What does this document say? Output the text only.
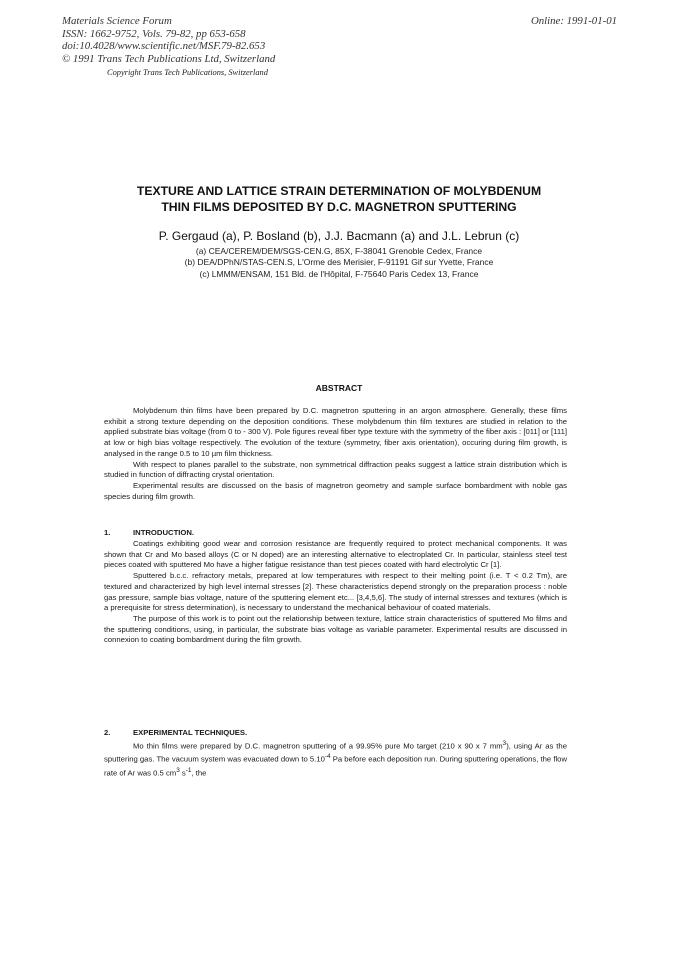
Materials Science Forum
ISSN: 1662-9752, Vols. 79-82, pp 653-658
doi:10.4028/www.scientific.net/MSF.79-82.653
© 1991 Trans Tech Publications Ltd, Switzerland
Online: 1991-01-01
Copyright Trans Tech Publications, Switzerland
TEXTURE AND LATTICE STRAIN DETERMINATION OF MOLYBDENUM
THIN FILMS DEPOSITED BY D.C. MAGNETRON SPUTTERING
P. Gergaud (a), P. Bosland (b), J.J. Bacmann (a) and J.L. Lebrun (c)
(a) CEA/CEREM/DEM/SGS-CEN.G, 85X, F-38041 Grenoble Cedex, France
(b) DEA/DPhN/STAS-CEN.S, L'Orme des Merisier, F-91191 Gif sur Yvette, France
(c) LMMM/ENSAM, 151 Bld. de l'Hôpital, F-75640 Paris Cedex 13, France
ABSTRACT

Molybdenum thin films have been prepared by D.C. magnetron sputtering in an argon atmosphere. Generally, these films exhibit a strong texture depending on the deposition conditions. These molybdenum thin film textures are studied in relation to the applied substrate bias voltage (from 0 to - 300 V). Pole figures reveal fiber type texture with the symmetry of the fiber axis : [011] or [111] at low or high bias voltage respectively. The evolution of the texture (symmetry, fiber axis orientation), occuring during film growth, is analysed in the range 0.5 to 10 µm film thickness.

With respect to planes parallel to the substrate, non symmetrical diffraction peaks suggest a lattice strain distribution which is studied in function of diffracting crystal orientation.

Experimental results are discussed on the basis of magnetron geometry and sample surface bombardment with noble gas species during film growth.

1.	INTRODUCTION.

Coatings exhibiting good wear and corrosion resistance are frequently required to protect mechanical components. It was shown that Cr and Mo based alloys (C or N doped) are an interesting alternative to electroplated Cr. In particular, stainless steel test pieces coated with sputtered Mo have a higher fatigue resistance than test pieces coated with hard electrolytic Cr [1].

Sputtered b.c.c. refractory metals, prepared at low temperatures with respect to their melting point (i.e. T < 0.2 Tm), are textured and characterized by high level internal stresses [2]. These characteristics depend strongly on the preparation process : noble gas pressure, sample bias voltage, nature of the sputtering element etc... [3,4,5,6]. The study of internal stresses and textures (which is a prerequisite for stress determination), is necessary to understand the mechanical behaviour of coated materials.

The purpose of this work is to point out the relationship between texture, lattice strain characteristics of sputtered Mo films and the sputtering conditions, using, in particular, the substrate bias voltage as variable parameter. Experimental results are discussed in connexion to coating bombardment during the film growth.

2.	EXPERIMENTAL TECHNIQUES.

Mo thin films were prepared by D.C. magnetron sputtering of a 99.95% pure Mo target (210 x 90 x 7 $mm^3$), using Ar as the sputtering gas. The vacuum system was evacuated down to $5.10^{-4}$ Pa before each deposition run. During sputtering operations, the flow rate of Ar was 0.5 $cm^3$ $s^{-1}$, the
